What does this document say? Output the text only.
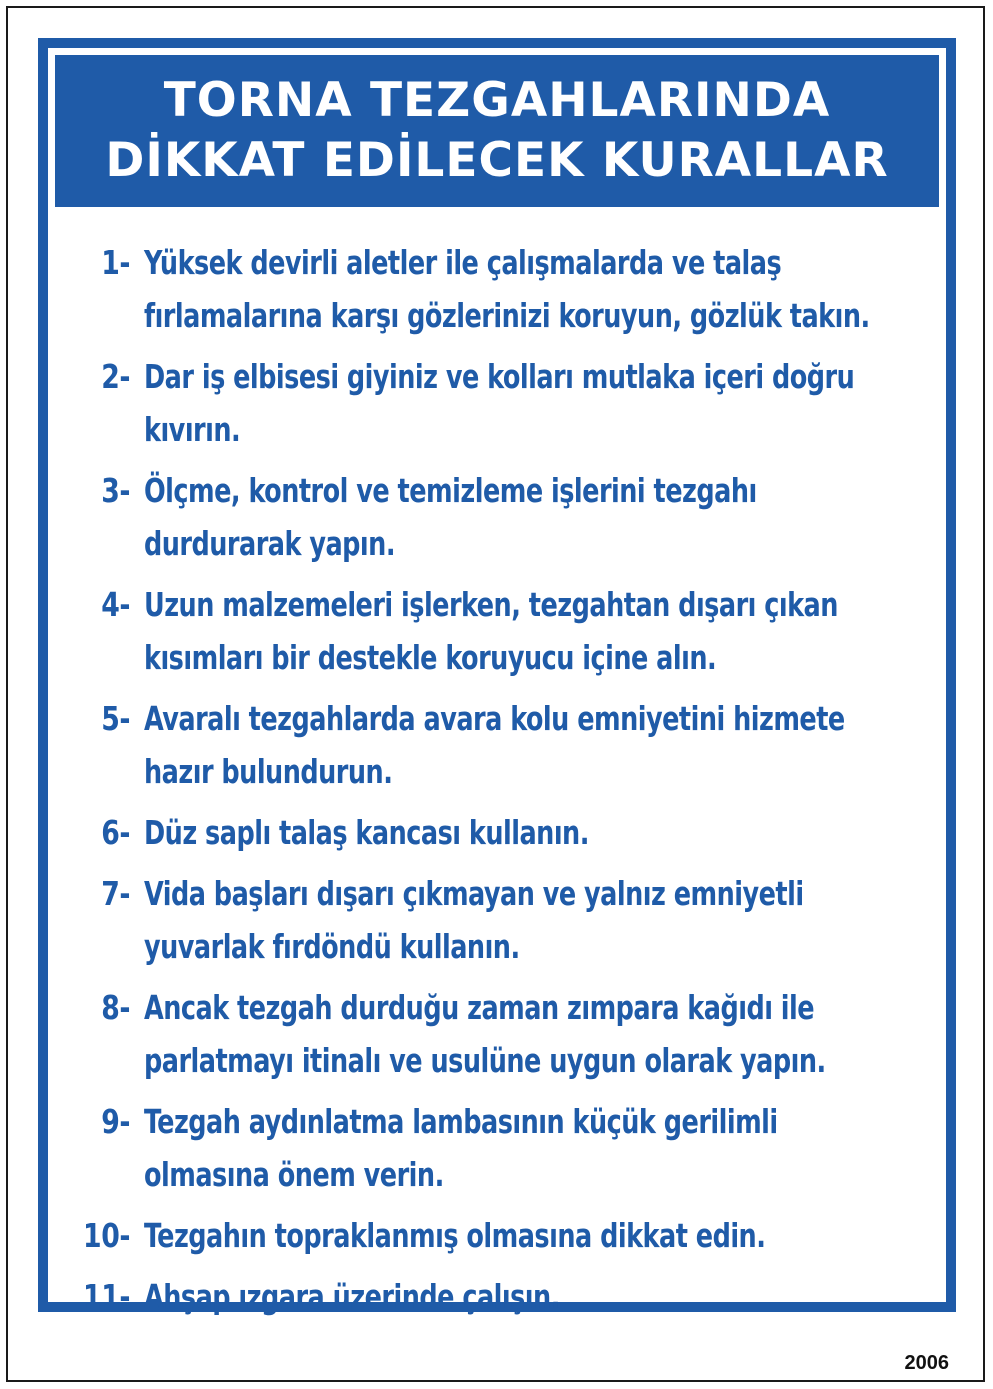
TORNA TEZGAHLARINDA
DİKKAT EDİLECEK KURALLAR
1- Yüksek devirli aletler ile çalışmalarda ve talaş
fırlamalarına karşı gözlerinizi koruyun, gözlük takın.
2- Dar iş elbisesi giyiniz ve kolları mutlaka içeri doğru
kıvırın.
3- Ölçme, kontrol ve temizleme işlerini tezgahı
durdurarak yapın.
4- Uzun malzemeleri işlerken, tezgahtan dışarı çıkan
kısımları bir destekle koruyucu içine alın.
5- Avaralı tezgahlarda avara kolu emniyetini hizmete
hazır bulundurun.
6- Düz saplı talaş kancası kullanın.
7- Vida başları dışarı çıkmayan ve yalnız emniyetli
yuvarlak fırdöndü kullanın.
8- Ancak tezgah durduğu zaman zımpara kağıdı ile
parlatmayı itinalı ve usulüne uygun olarak yapın.
9- Tezgah aydınlatma lambasının küçük gerilimli
olmasına önem verin.
10- Tezgahın topraklanmış olmasına dikkat edin.
11- Ahşap ızgara üzerinde çalışın.
2006
